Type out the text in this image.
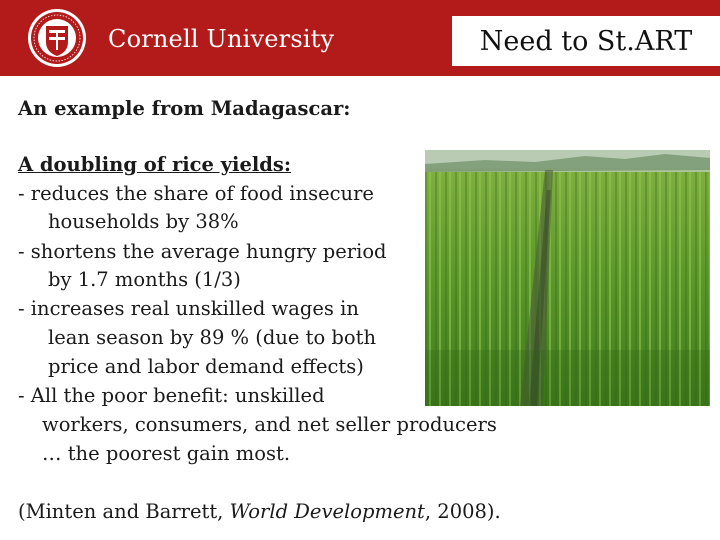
Cornell University	Need to St.ART
An example from Madagascar:
A doubling of rice yields:
- reduces the share of food insecure
households by 38%
- shortens the average hungry period
by 1.7 months (1/3)
- increases real unskilled wages in
lean season by 89 % (due to both
price and labor demand effects)
- All the poor benefit: unskilled
workers, consumers, and net seller producers
… the poorest gain most.
(Minten and Barrett, World Development, 2008).
